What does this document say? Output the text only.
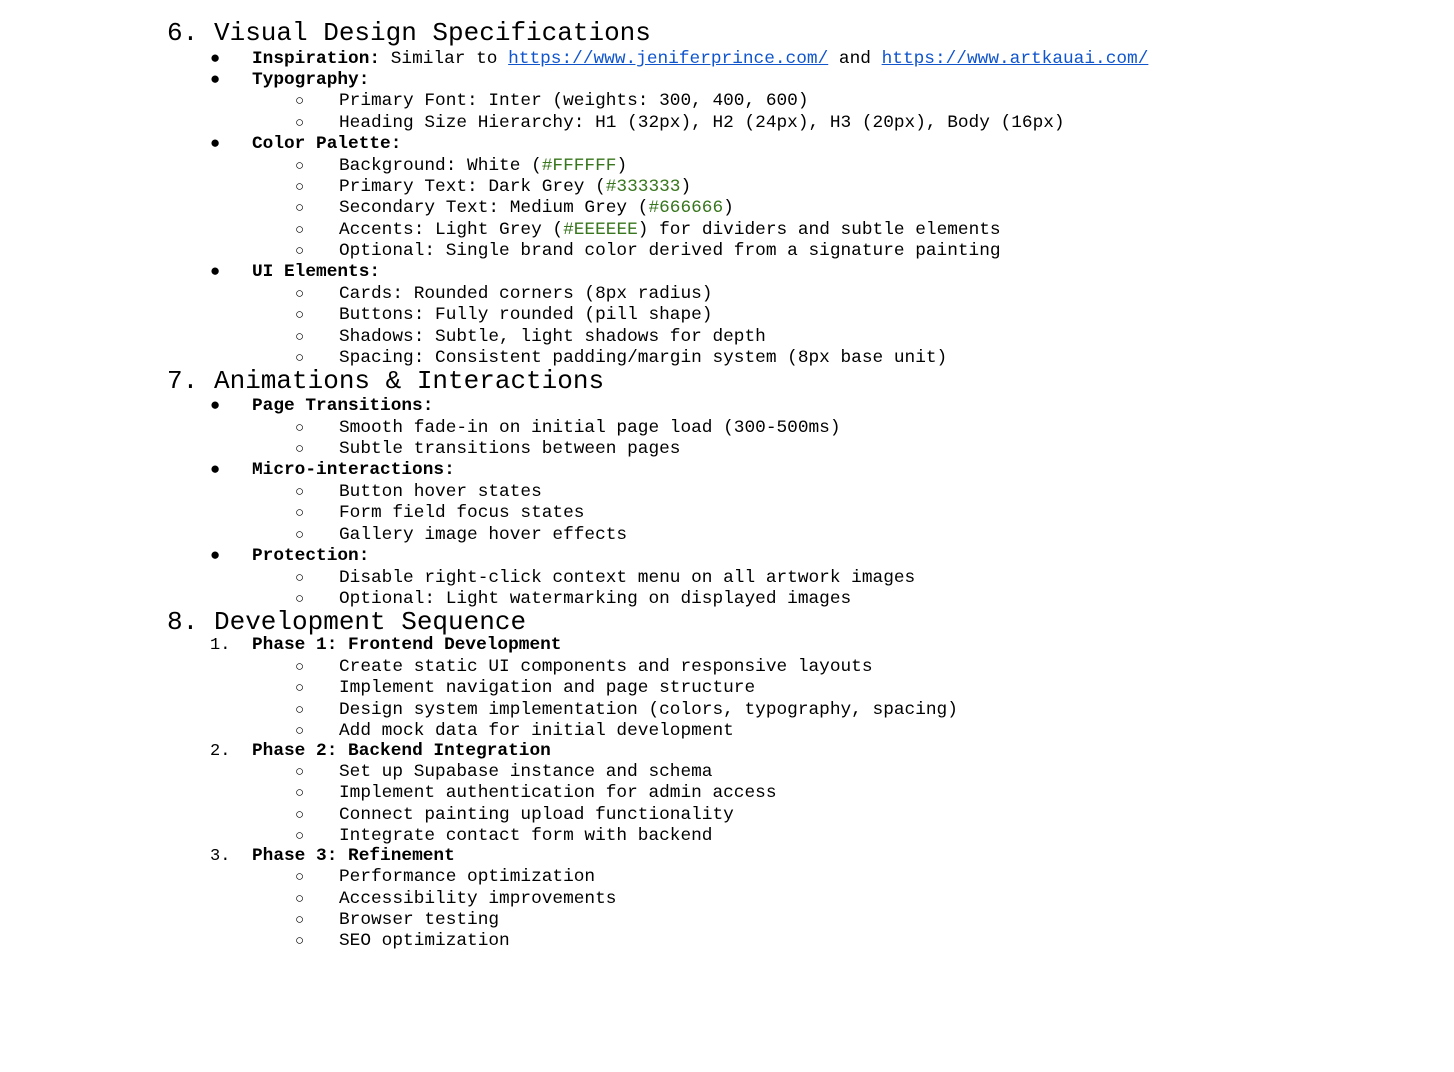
6. Visual Design Specifications

●

Inspiration: Similar to https://www.jeniferprince.com/ and https://www.artkauai.com/

●

Typography:

○

Primary Font: Inter (weights: 300, 400, 600)

○

Heading Size Hierarchy: H1 (32px), H2 (24px), H3 (20px), Body (16px)

●

Color Palette:

○

Background: White (#FFFFFF)

○

Primary Text: Dark Grey (#333333)

○

Secondary Text: Medium Grey (#666666)

○

Accents: Light Grey (#EEEEEE) for dividers and subtle elements

○

Optional: Single brand color derived from a signature painting

●

UI Elements:

○

Cards: Rounded corners (8px radius)

○

Buttons: Fully rounded (pill shape)

○

Shadows: Subtle, light shadows for depth

○

Spacing: Consistent padding/margin system (8px base unit)

7. Animations & Interactions

●

Page Transitions:

○

Smooth fade-in on initial page load (300-500ms)

○

Subtle transitions between pages

●

Micro-interactions:

○

Button hover states

○

Form field focus states

○

Gallery image hover effects

●

Protection:

○

Disable right-click context menu on all artwork images

○

Optional: Light watermarking on displayed images

8. Development Sequence

1.

Phase 1: Frontend Development

○

Create static UI components and responsive layouts

○

Implement navigation and page structure

○

Design system implementation (colors, typography, spacing)

○

Add mock data for initial development

2.

Phase 2: Backend Integration

○

Set up Supabase instance and schema

○

Implement authentication for admin access

○

Connect painting upload functionality

○

Integrate contact form with backend

3.

Phase 3: Refinement

○

Performance optimization

○

Accessibility improvements

○

Browser testing

○

SEO optimization
